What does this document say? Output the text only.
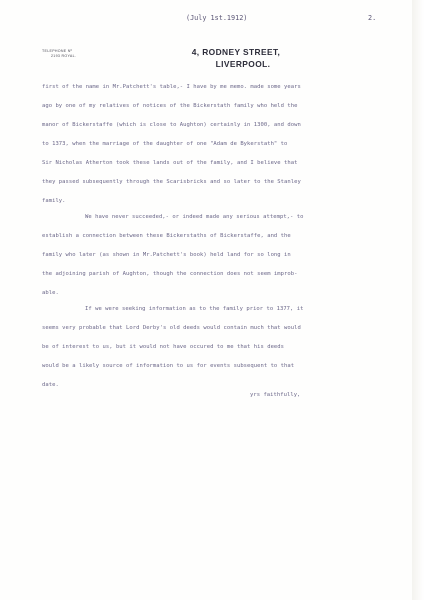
(July 1st.1912)	2.
TELEPHONE Nº
2193 ROYAL.	4, RODNEY STREET,
LIVERPOOL.
first of the name in Mr.Patchett's table,- I have by me memo. made some years
ago by one of my relatives of notices of the Bickerstath family who held the
manor of Bickerstaffe (which is close to Aughton) certainly in 1300, and down
to 1373, when the marriage of the daughter of one "Adam de Bykerstath" to
Sir Nicholas Atherton took these lands out of the family, and I believe that
they passed subsequently through the Scarisbricks and so later to the Stanley
family.
We have never succeeded,- or indeed made any serious attempt,- to
establish a connection between these Bickerstaths of Bickerstaffe, and the
family who later (as shown in Mr.Patchett's book) held land for so long in
the adjoining parish of Aughton, though the connection does not seem improb-
able.
If we were seeking information as to the family prior to 1377, it
seems very probable that Lord Derby's old deeds would contain much that would
be of interest to us, but it would not have occured to me that his deeds
would be a likely source of information to us for events subsequent to that
date.
yrs faithfully,
